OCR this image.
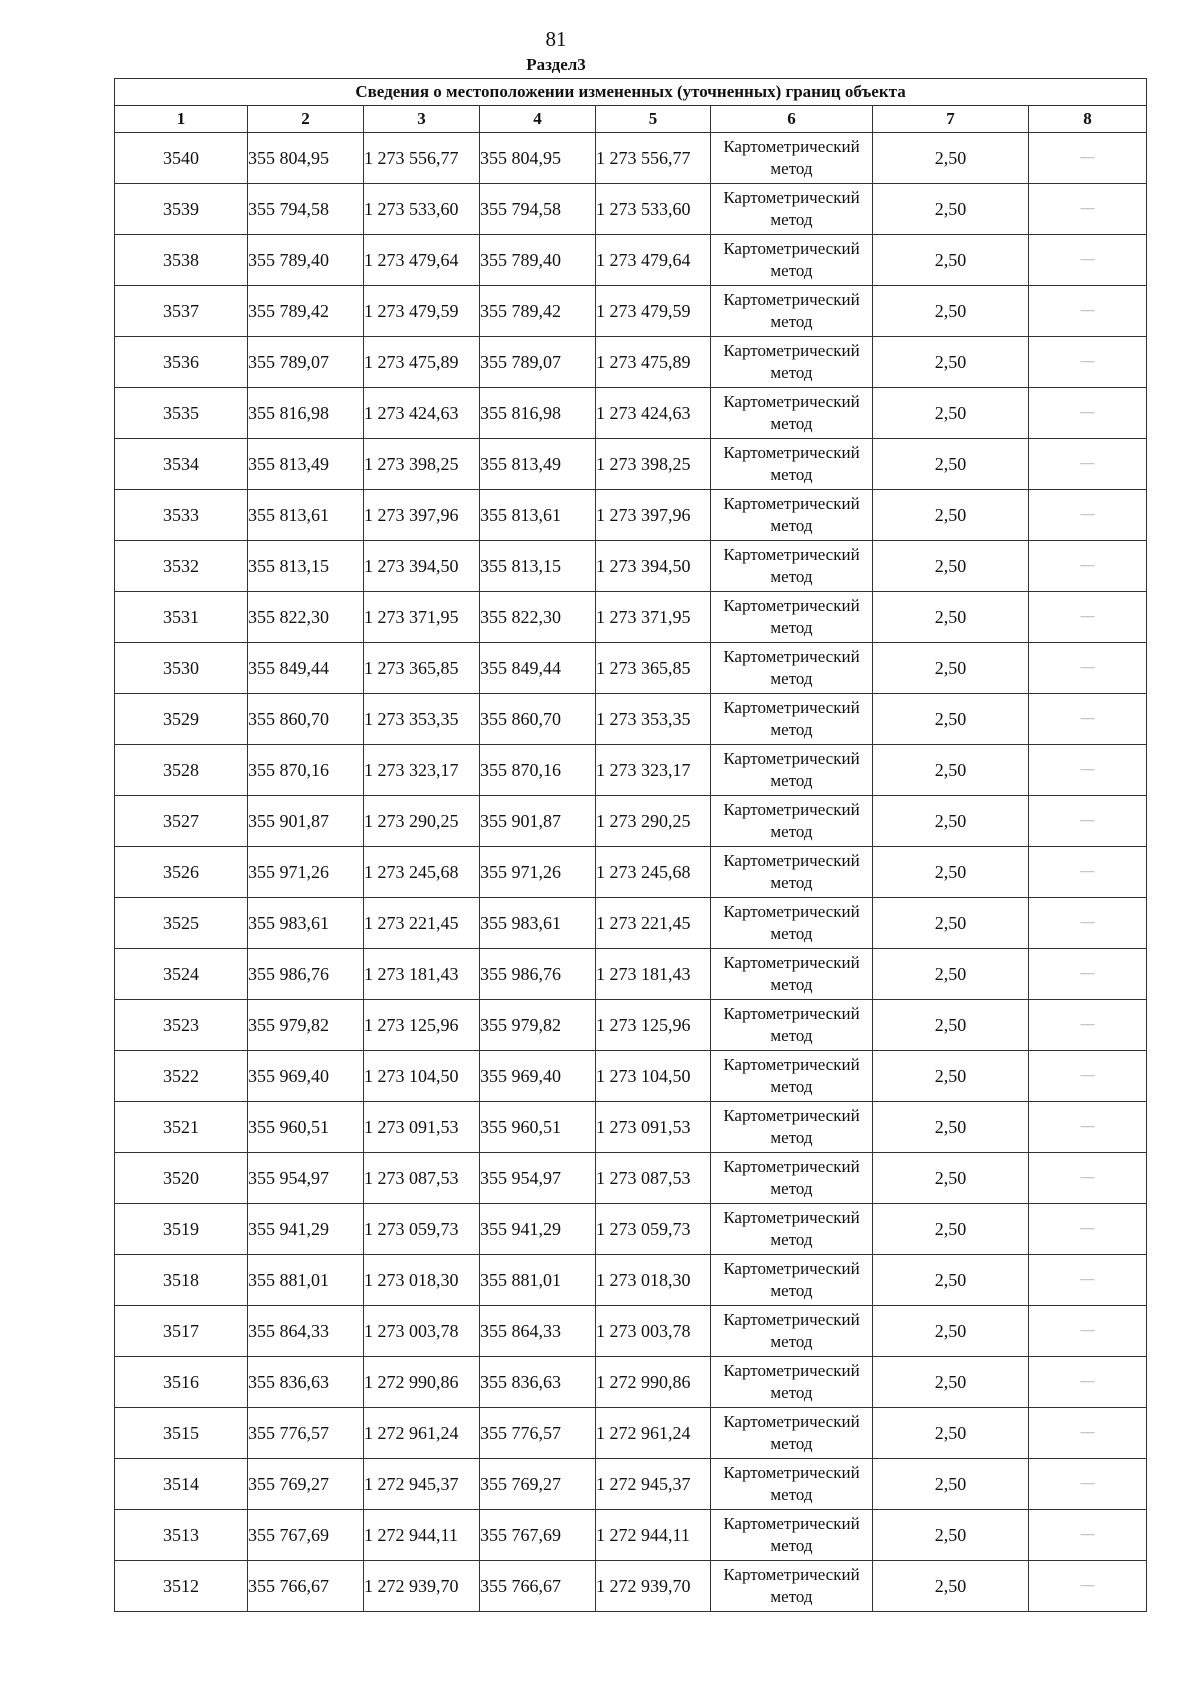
81
Раздел3
Сведения о местоположении измененных (уточненных) границ объекта							
1	2	3	4	5	6	7	8
3540	355 804,95	1 273 556,77	355 804,95	1 273 556,77	Картометрический метод	2,50	—
3539	355 794,58	1 273 533,60	355 794,58	1 273 533,60	Картометрический метод	2,50	—
3538	355 789,40	1 273 479,64	355 789,40	1 273 479,64	Картометрический метод	2,50	—
3537	355 789,42	1 273 479,59	355 789,42	1 273 479,59	Картометрический метод	2,50	—
3536	355 789,07	1 273 475,89	355 789,07	1 273 475,89	Картометрический метод	2,50	—
3535	355 816,98	1 273 424,63	355 816,98	1 273 424,63	Картометрический метод	2,50	—
3534	355 813,49	1 273 398,25	355 813,49	1 273 398,25	Картометрический метод	2,50	—
3533	355 813,61	1 273 397,96	355 813,61	1 273 397,96	Картометрический метод	2,50	—
3532	355 813,15	1 273 394,50	355 813,15	1 273 394,50	Картометрический метод	2,50	—
3531	355 822,30	1 273 371,95	355 822,30	1 273 371,95	Картометрический метод	2,50	—
3530	355 849,44	1 273 365,85	355 849,44	1 273 365,85	Картометрический метод	2,50	—
3529	355 860,70	1 273 353,35	355 860,70	1 273 353,35	Картометрический метод	2,50	—
3528	355 870,16	1 273 323,17	355 870,16	1 273 323,17	Картометрический метод	2,50	—
3527	355 901,87	1 273 290,25	355 901,87	1 273 290,25	Картометрический метод	2,50	—
3526	355 971,26	1 273 245,68	355 971,26	1 273 245,68	Картометрический метод	2,50	—
3525	355 983,61	1 273 221,45	355 983,61	1 273 221,45	Картометрический метод	2,50	—
3524	355 986,76	1 273 181,43	355 986,76	1 273 181,43	Картометрический метод	2,50	—
3523	355 979,82	1 273 125,96	355 979,82	1 273 125,96	Картометрический метод	2,50	—
3522	355 969,40	1 273 104,50	355 969,40	1 273 104,50	Картометрический метод	2,50	—
3521	355 960,51	1 273 091,53	355 960,51	1 273 091,53	Картометрический метод	2,50	—
3520	355 954,97	1 273 087,53	355 954,97	1 273 087,53	Картометрический метод	2,50	—
3519	355 941,29	1 273 059,73	355 941,29	1 273 059,73	Картометрический метод	2,50	—
3518	355 881,01	1 273 018,30	355 881,01	1 273 018,30	Картометрический метод	2,50	—
3517	355 864,33	1 273 003,78	355 864,33	1 273 003,78	Картометрический метод	2,50	—
3516	355 836,63	1 272 990,86	355 836,63	1 272 990,86	Картометрический метод	2,50	—
3515	355 776,57	1 272 961,24	355 776,57	1 272 961,24	Картометрический метод	2,50	—
3514	355 769,27	1 272 945,37	355 769,27	1 272 945,37	Картометрический метод	2,50	—
3513	355 767,69	1 272 944,11	355 767,69	1 272 944,11	Картометрический метод	2,50	—
3512	355 766,67	1 272 939,70	355 766,67	1 272 939,70	Картометрический метод	2,50	—
